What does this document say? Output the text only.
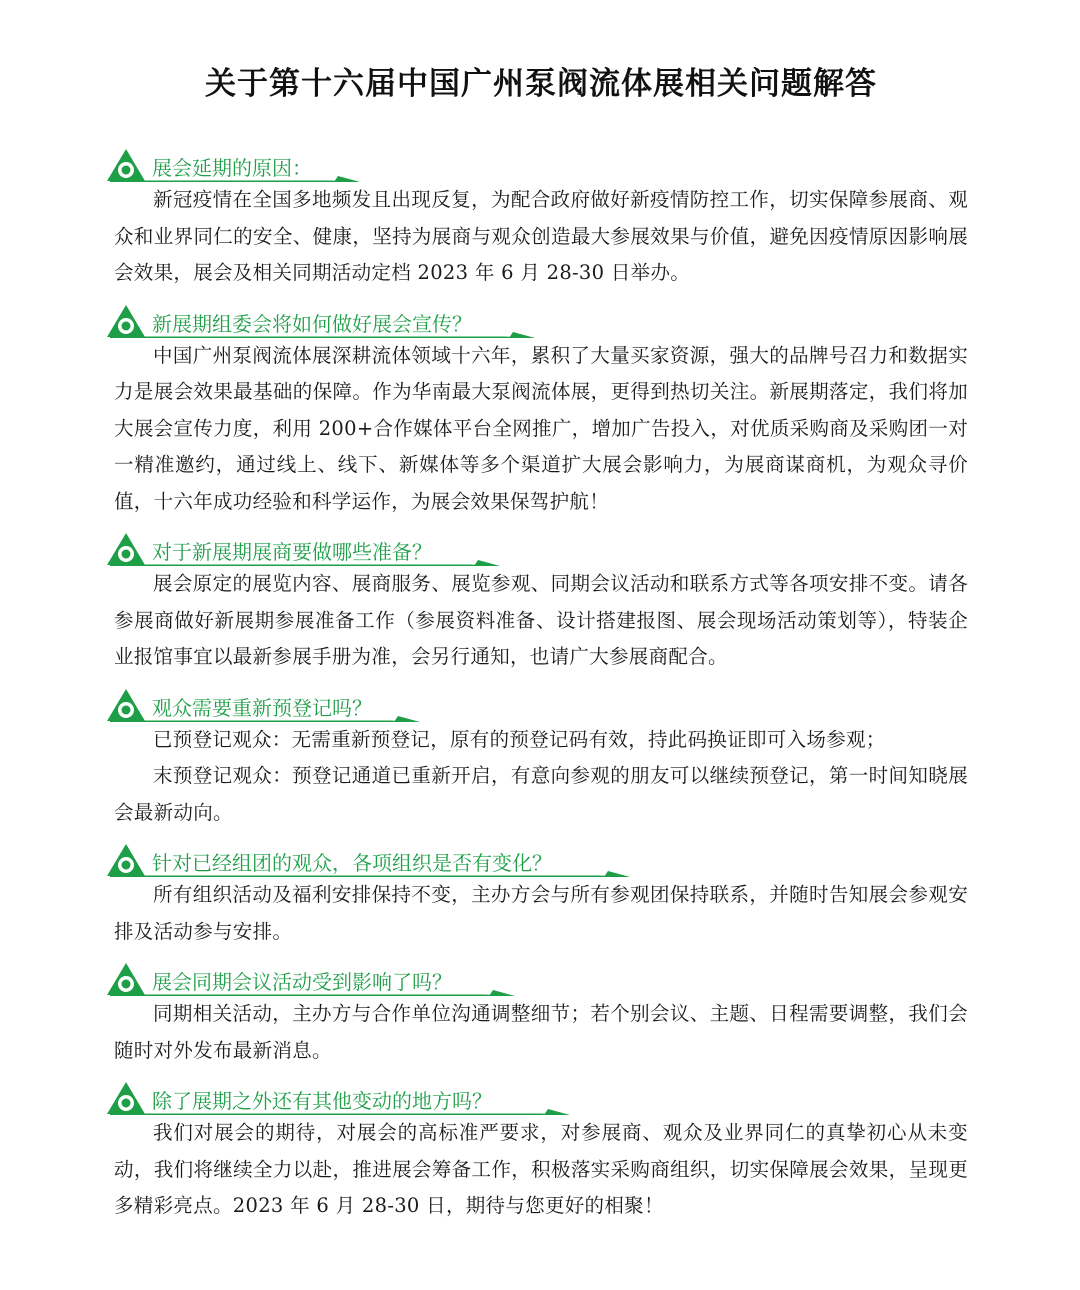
关于第十六届中国广州泵阀流体展相关问题解答
展会延期的原因：

新冠疫情在全国多地频发且出现反复，为配合政府做好新疫情防控工作，切实保障参展商、观众和业界同仁的安全、健康，坚持为展商与观众创造最大参展效果与价值，避免因疫情原因影响展会效果，展会及相关同期活动定档 2023 年 6 月 28-30 日举办。

新展期组委会将如何做好展会宣传？

中国广州泵阀流体展深耕流体领域十六年，累积了大量买家资源，强大的品牌号召力和数据实力是展会效果最基础的保障。作为华南最大泵阀流体展，更得到热切关注。新展期落定，我们将加大展会宣传力度，利用 200+合作媒体平台全网推广，增加广告投入，对优质采购商及采购团一对一精准邀约，通过线上、线下、新媒体等多个渠道扩大展会影响力，为展商谋商机，为观众寻价值，十六年成功经验和科学运作，为展会效果保驾护航！

对于新展期展商要做哪些准备？

展会原定的展览内容、展商服务、展览参观、同期会议活动和联系方式等各项安排不变。请各参展商做好新展期参展准备工作（参展资料准备、设计搭建报图、展会现场活动策划等），特装企业报馆事宜以最新参展手册为准，会另行通知，也请广大参展商配合。

观众需要重新预登记吗？

已预登记观众：无需重新预登记，原有的预登记码有效，持此码换证即可入场参观；

末预登记观众：预登记通道已重新开启，有意向参观的朋友可以继续预登记，第一时间知晓展会最新动向。

针对已经组团的观众，各项组织是否有变化？

所有组织活动及福利安排保持不变，主办方会与所有参观团保持联系，并随时告知展会参观安排及活动参与安排。

展会同期会议活动受到影响了吗？

同期相关活动，主办方与合作单位沟通调整细节；若个别会议、主题、日程需要调整，我们会随时对外发布最新消息。

除了展期之外还有其他变动的地方吗？

我们对展会的期待，对展会的高标准严要求，对参展商、观众及业界同仁的真挚初心从未变动，我们将继续全力以赴，推进展会筹备工作，积极落实采购商组织，切实保障展会效果，呈现更多精彩亮点。2023 年 6 月 28-30 日，期待与您更好的相聚！
